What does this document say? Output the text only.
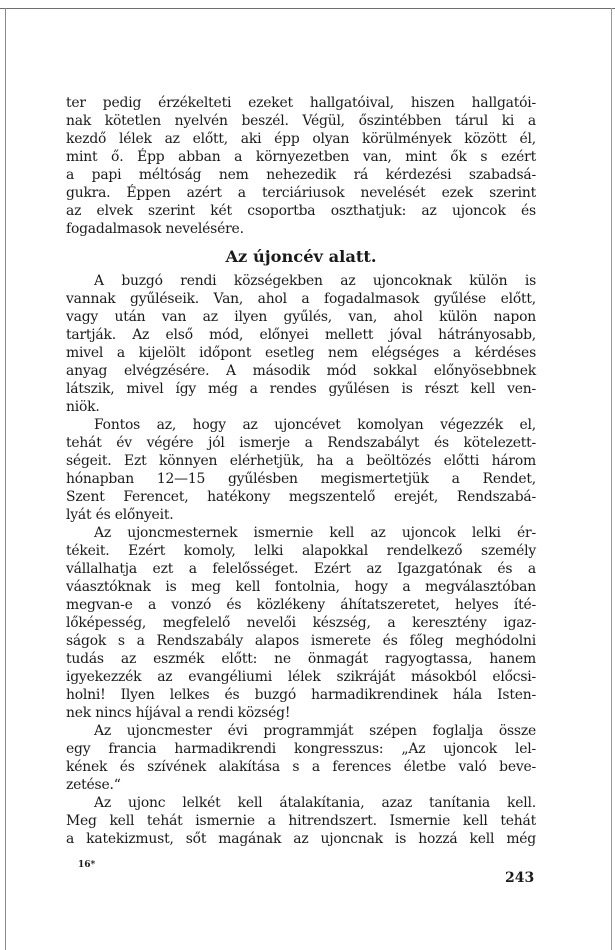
ter pedig érzékelteti ezeket hallgatóival, hiszen hallgatói-

nak kötetlen nyelvén beszél. Végül, őszintébben tárul ki a

kezdő lélek az előtt, aki épp olyan körülmények között él,

mint ő. Épp abban a környezetben van, mint ők s ezért

a papi méltóság nem nehezedik rá kérdezési szabadsá-

gukra. Éppen azért a terciáriusok nevelését ezek szerint

az elvek szerint két csoportba oszthatjuk: az ujoncok és

fogadalmasok nevelésére.

Az újoncév alatt.

A buzgó rendi községekben az ujoncoknak külön is

vannak gyűléseik. Van, ahol a fogadalmasok gyűlése előtt,

vagy után van az ilyen gyűlés, van, ahol külön napon

tartják. Az első mód, előnyei mellett jóval hátrányosabb,

mivel a kijelölt időpont esetleg nem elégséges a kérdéses

anyag elvégzésére. A második mód sokkal előnyösebbnek

látszik, mivel így még a rendes gyűlésen is részt kell ven-

niök.

Fontos az, hogy az ujoncévet komolyan végezzék el,

tehát év végére jól ismerje a Rendszabályt és kötelezett-

ségeit. Ezt könnyen elérhetjük, ha a beöltözés előtti három

hónapban 12—15 gyűlésben megismertetjük a Rendet,

Szent Ferencet, hatékony megszentelő erejét, Rendszabá-

lyát és előnyeit.

Az ujoncmesternek ismernie kell az ujoncok lelki ér-

tékeit. Ezért komoly, lelki alapokkal rendelkező személy

vállalhatja ezt a felelősséget. Ezért az Igazgatónak és a

váasztóknak is meg kell fontolnia, hogy a megválasztóban

megvan-e a vonzó és közlékeny áhítatszeretet, helyes íté-

lőképesség, megfelelő nevelői készség, a keresztény igaz-

ságok s a Rendszabály alapos ismerete és főleg meghódolni

tudás az eszmék előtt: ne önmagát ragyogtassa, hanem

igyekezzék az evangéliumi lélek szikráját másokból előcsi-

holni! Ilyen lelkes és buzgó harmadikrendinek hála Isten-

nek nincs híjával a rendi község!

Az ujoncmester évi programmját szépen foglalja össze

egy francia harmadikrendi kongresszus: „Az ujoncok lel-

kének és szívének alakítása s a ferences életbe való beve-

zetése.“

Az ujonc lelkét kell átalakítania, azaz tanítania kell.

Meg kell tehát ismernie a hitrendszert. Ismernie kell tehát

a katekizmust, sőt magának az ujoncnak is hozzá kell még

16*
243
